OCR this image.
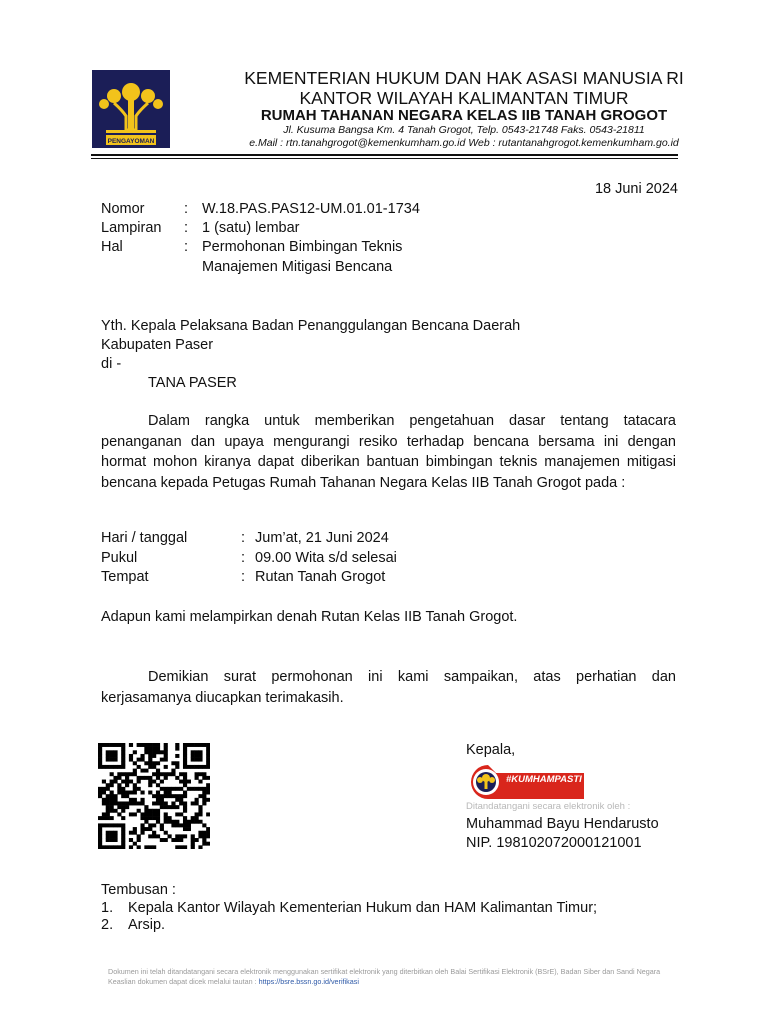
PENGAYOMAN
KEMENTERIAN HUKUM DAN HAK ASASI MANUSIA RI
KANTOR WILAYAH KALIMANTAN TIMUR
RUMAH TAHANAN NEGARA KELAS IIB TANAH GROGOT
Jl. Kusuma Bangsa Km. 4 Tanah Grogot, Telp. 0543-21748 Faks. 0543-21811
e.Mail : rtn.tanahgrogot@kemenkumham.go.id Web : rutantanahgrogot.kemenkumham.go.id
18 Juni 2024
Nomor	: W.18.PAS.PAS12-UM.01.01-1734
Lampiran : 1 (satu) lembar
Hal	: Permohonan Bimbingan Teknis
Manajemen Mitigasi Bencana
Yth. Kepala Pelaksana Badan Penanggulangan Bencana Daerah
Kabupaten Paser
di -
TANA PASER
Dalam rangka untuk memberikan pengetahuan dasar tentang tatacara penanganan dan upaya mengurangi resiko terhadap bencana bersama ini dengan hormat mohon kiranya dapat diberikan bantuan bimbingan teknis manajemen mitigasi bencana kepada Petugas Rumah Tahanan Negara Kelas IIB Tanah Grogot pada :
Hari / tanggal	: Jum’at, 21 Juni 2024
Pukul	: 09.00 Wita s/d selesai
Tempat	: Rutan Tanah Grogot
Adapun kami melampirkan denah Rutan Kelas IIB Tanah Grogot.
Demikian surat permohonan ini kami sampaikan, atas perhatian dan kerjasamanya diucapkan terimakasih.
Kepala,
#KUMHAMPASTI
Ditandatangani secara elektronik oleh :
Muhammad Bayu Hendarusto
NIP. 198102072000121001
Tembusan :
1. Kepala Kantor Wilayah Kementerian Hukum dan HAM Kalimantan Timur;
2. Arsip.
Dokumen ini telah ditandatangani secara elektronik menggunakan sertifikat elektronik yang diterbitkan oleh Balai Sertifikasi Elektronik (BSrE), Badan Siber dan Sandi Negara
Keaslian dokumen dapat dicek melalui tautan : https://bsre.bssn.go.id/verifikasi
